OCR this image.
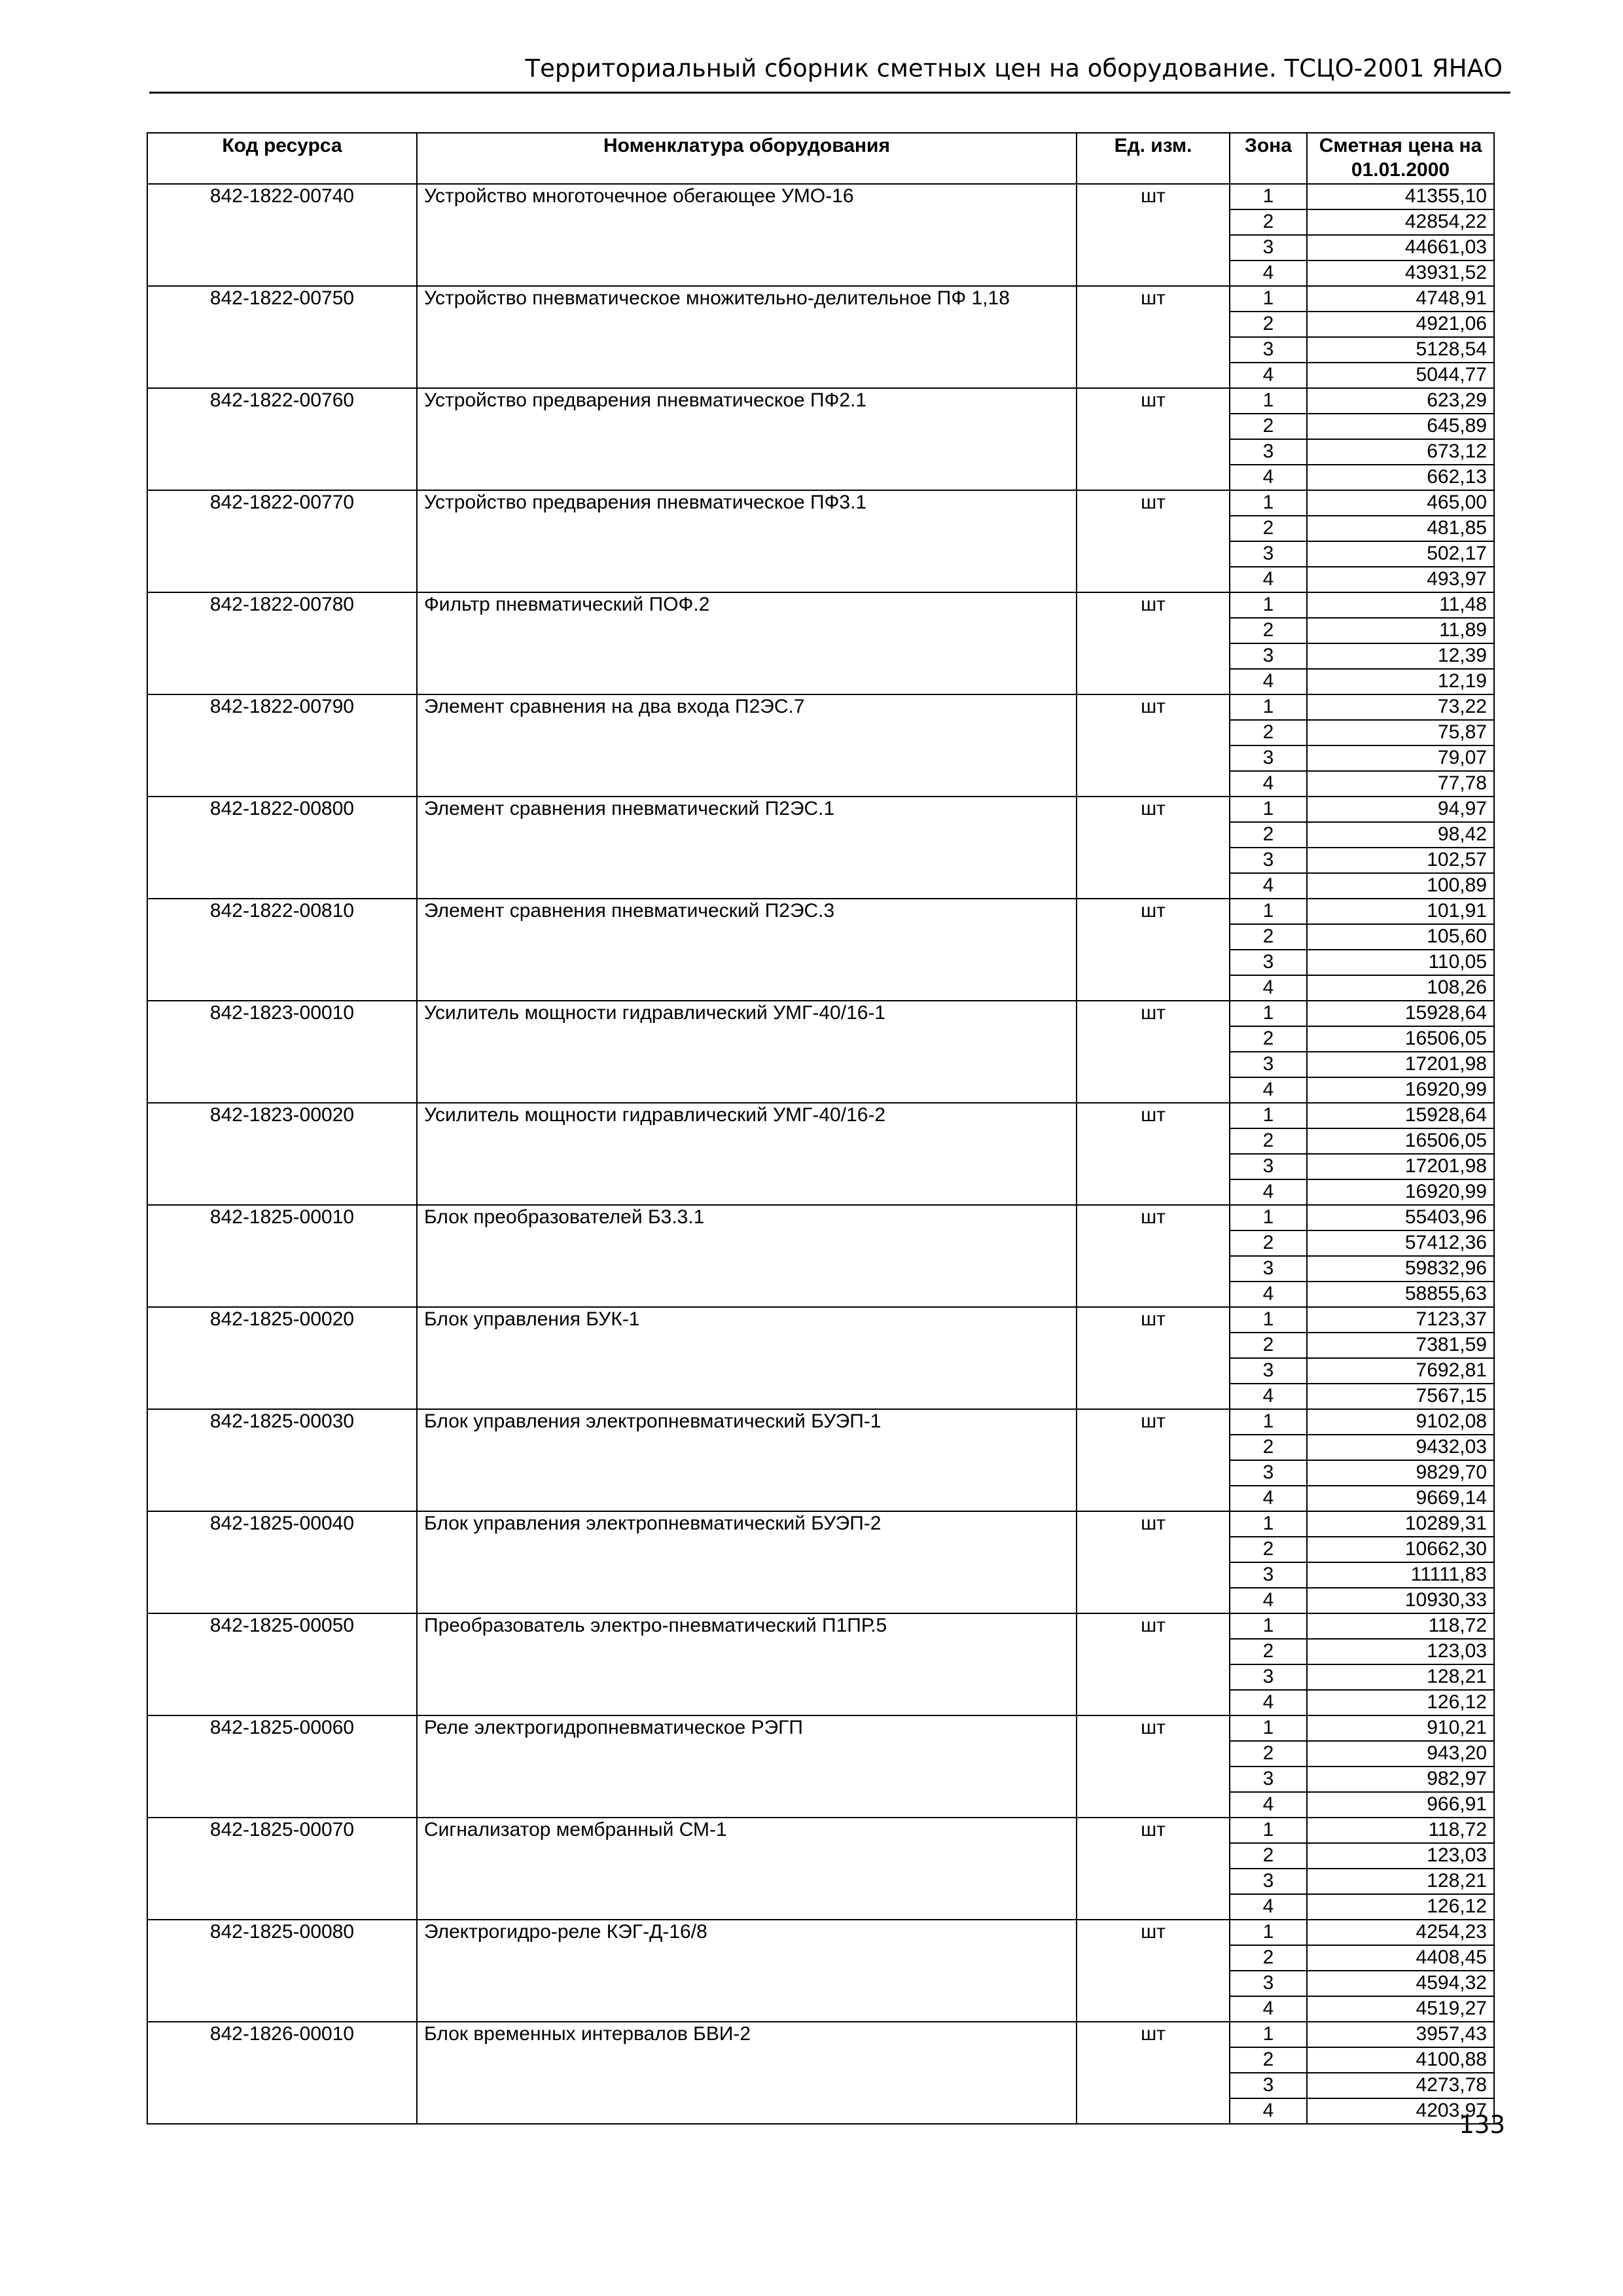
Территориальный сборник сметных цен на оборудование. ТСЦО-2001 ЯНАО
Код ресурса	Номенклатура оборудования	Ед. изм.	Зона	Сметная цена на 01.01.2000
842-1822-00740	Устройство многоточечное обегающее УМО-16	шт	1	41355,10
			2	42854,22
			3	44661,03
			4	43931,52
842-1822-00750	Устройство пневматическое множительно-делительное ПФ 1,18	шт	1	4748,91
			2	4921,06
			3	5128,54
			4	5044,77
842-1822-00760	Устройство предварения пневматическое ПФ2.1	шт	1	623,29
			2	645,89
			3	673,12
			4	662,13
842-1822-00770	Устройство предварения пневматическое ПФ3.1	шт	1	465,00
			2	481,85
			3	502,17
			4	493,97
842-1822-00780	Фильтр пневматический ПОФ.2	шт	1	11,48
			2	11,89
			3	12,39
			4	12,19
842-1822-00790	Элемент сравнения на два входа П2ЭС.7	шт	1	73,22
			2	75,87
			3	79,07
			4	77,78
842-1822-00800	Элемент сравнения пневматический П2ЭС.1	шт	1	94,97
			2	98,42
			3	102,57
			4	100,89
842-1822-00810	Элемент сравнения пневматический П2ЭС.3	шт	1	101,91
			2	105,60
			3	110,05
			4	108,26
842-1823-00010	Усилитель мощности гидравлический УМГ-40/16-1	шт	1	15928,64
			2	16506,05
			3	17201,98
			4	16920,99
842-1823-00020	Усилитель мощности гидравлический УМГ-40/16-2	шт	1	15928,64
			2	16506,05
			3	17201,98
			4	16920,99
842-1825-00010	Блок преобразователей Б3.3.1	шт	1	55403,96
			2	57412,36
			3	59832,96
			4	58855,63
842-1825-00020	Блок управления БУК-1	шт	1	7123,37
			2	7381,59
			3	7692,81
			4	7567,15
842-1825-00030	Блок управления электропневматический БУЭП-1	шт	1	9102,08
			2	9432,03
			3	9829,70
			4	9669,14
842-1825-00040	Блок управления электропневматический БУЭП-2	шт	1	10289,31
			2	10662,30
			3	11111,83
			4	10930,33
842-1825-00050	Преобразователь электро-пневматический П1ПР.5	шт	1	118,72
			2	123,03
			3	128,21
			4	126,12
842-1825-00060	Реле электрогидропневматическое РЭГП	шт	1	910,21
			2	943,20
			3	982,97
			4	966,91
842-1825-00070	Сигнализатор мембранный СМ-1	шт	1	118,72
			2	123,03
			3	128,21
			4	126,12
842-1825-00080	Электрогидро-реле КЭГ-Д-16/8	шт	1	4254,23
			2	4408,45
			3	4594,32
			4	4519,27
842-1826-00010	Блок временных интервалов БВИ-2	шт	1	3957,43
			2	4100,88
			3	4273,78
			4	4203,97
133
